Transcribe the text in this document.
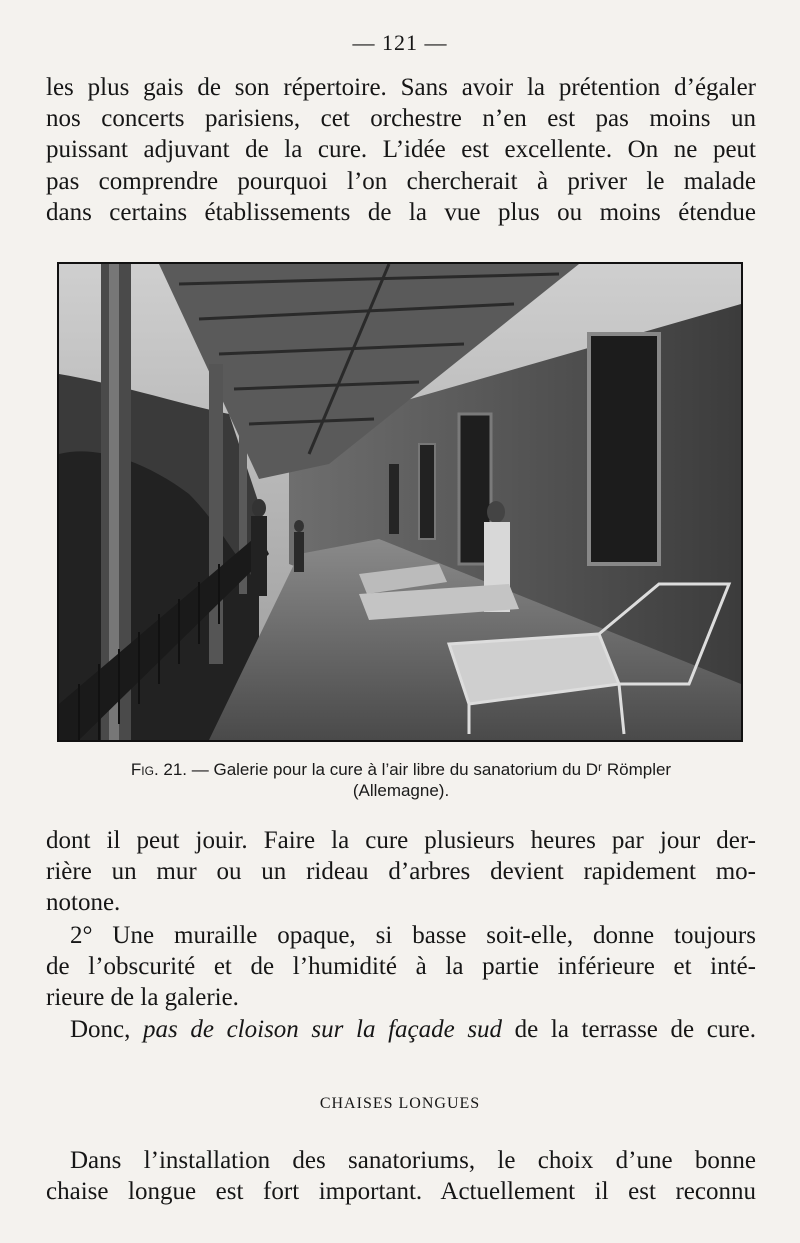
— 121 —
les plus gais de son répertoire. Sans avoir la prétention d’égaler
nos concerts parisiens, cet orchestre n’en est pas moins un
puissant adjuvant de la cure. L’idée est excellente. On ne peut
pas comprendre pourquoi l’on chercherait à priver le malade
dans certains établissements de la vue plus ou moins étendue
Fig. 21. — Galerie pour la cure à l’air libre du sanatorium du Dʳ Römpler
(Allemagne).
dont il peut jouir. Faire la cure plusieurs heures par jour der-
rière un mur ou un rideau d’arbres devient rapidement mo-
notone.
2° Une muraille opaque, si basse soit-elle, donne toujours
de l’obscurité et de l’humidité à la partie inférieure et inté-
rieure de la galerie.
Donc, pas de cloison sur la façade sud de la terrasse de cure.
CHAISES LONGUES
Dans l’installation des sanatoriums, le choix d’une bonne
chaise longue est fort important. Actuellement il est reconnu
